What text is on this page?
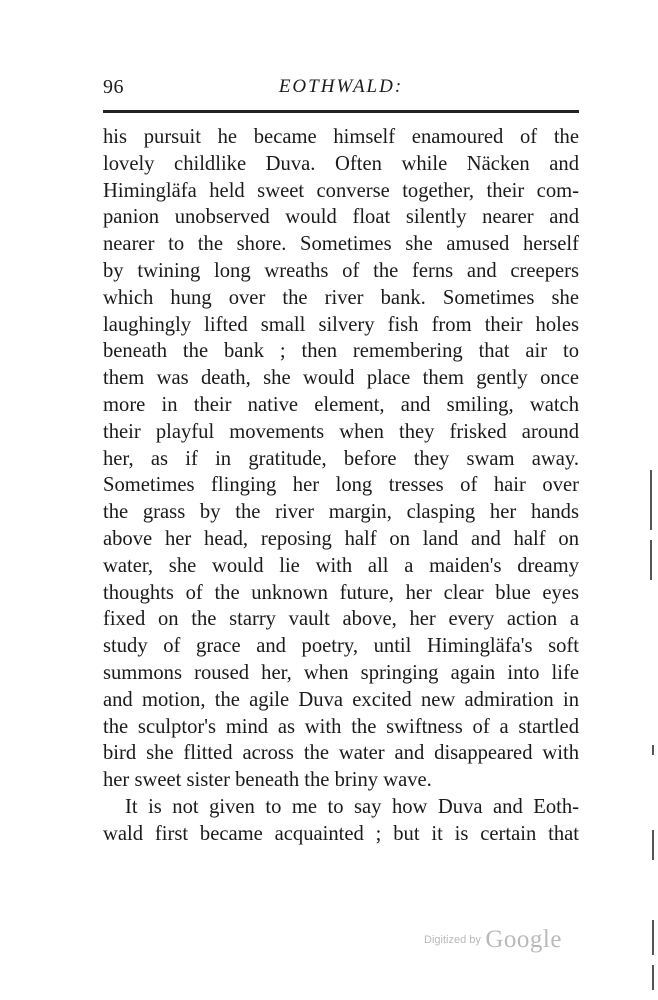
96	EOTHWALD:

his pursuit he became himself enamoured of the
lovely childlike Duva. Often while Näcken and
Himingläfa held sweet converse together, their com-
panion unobserved would float silently nearer and
nearer to the shore. Sometimes she amused herself
by twining long wreaths of the ferns and creepers
which hung over the river bank. Sometimes she
laughingly lifted small silvery fish from their holes
beneath the bank ; then remembering that air to
them was death, she would place them gently once
more in their native element, and smiling, watch
their playful movements when they frisked around
her, as if in gratitude, before they swam away.
Sometimes flinging her long tresses of hair over
the grass by the river margin, clasping her hands
above her head, reposing half on land and half on
water, she would lie with all a maiden's dreamy
thoughts of the unknown future, her clear blue eyes
fixed on the starry vault above, her every action a
study of grace and poetry, until Himingläfa's soft
summons roused her, when springing again into life
and motion, the agile Duva excited new admiration in
the sculptor's mind as with the swiftness of a startled
bird she flitted across the water and disappeared with
her sweet sister beneath the briny wave.

It is not given to me to say how Duva and Eoth-
wald first became acquainted ; but it is certain that

Digitized by Google
